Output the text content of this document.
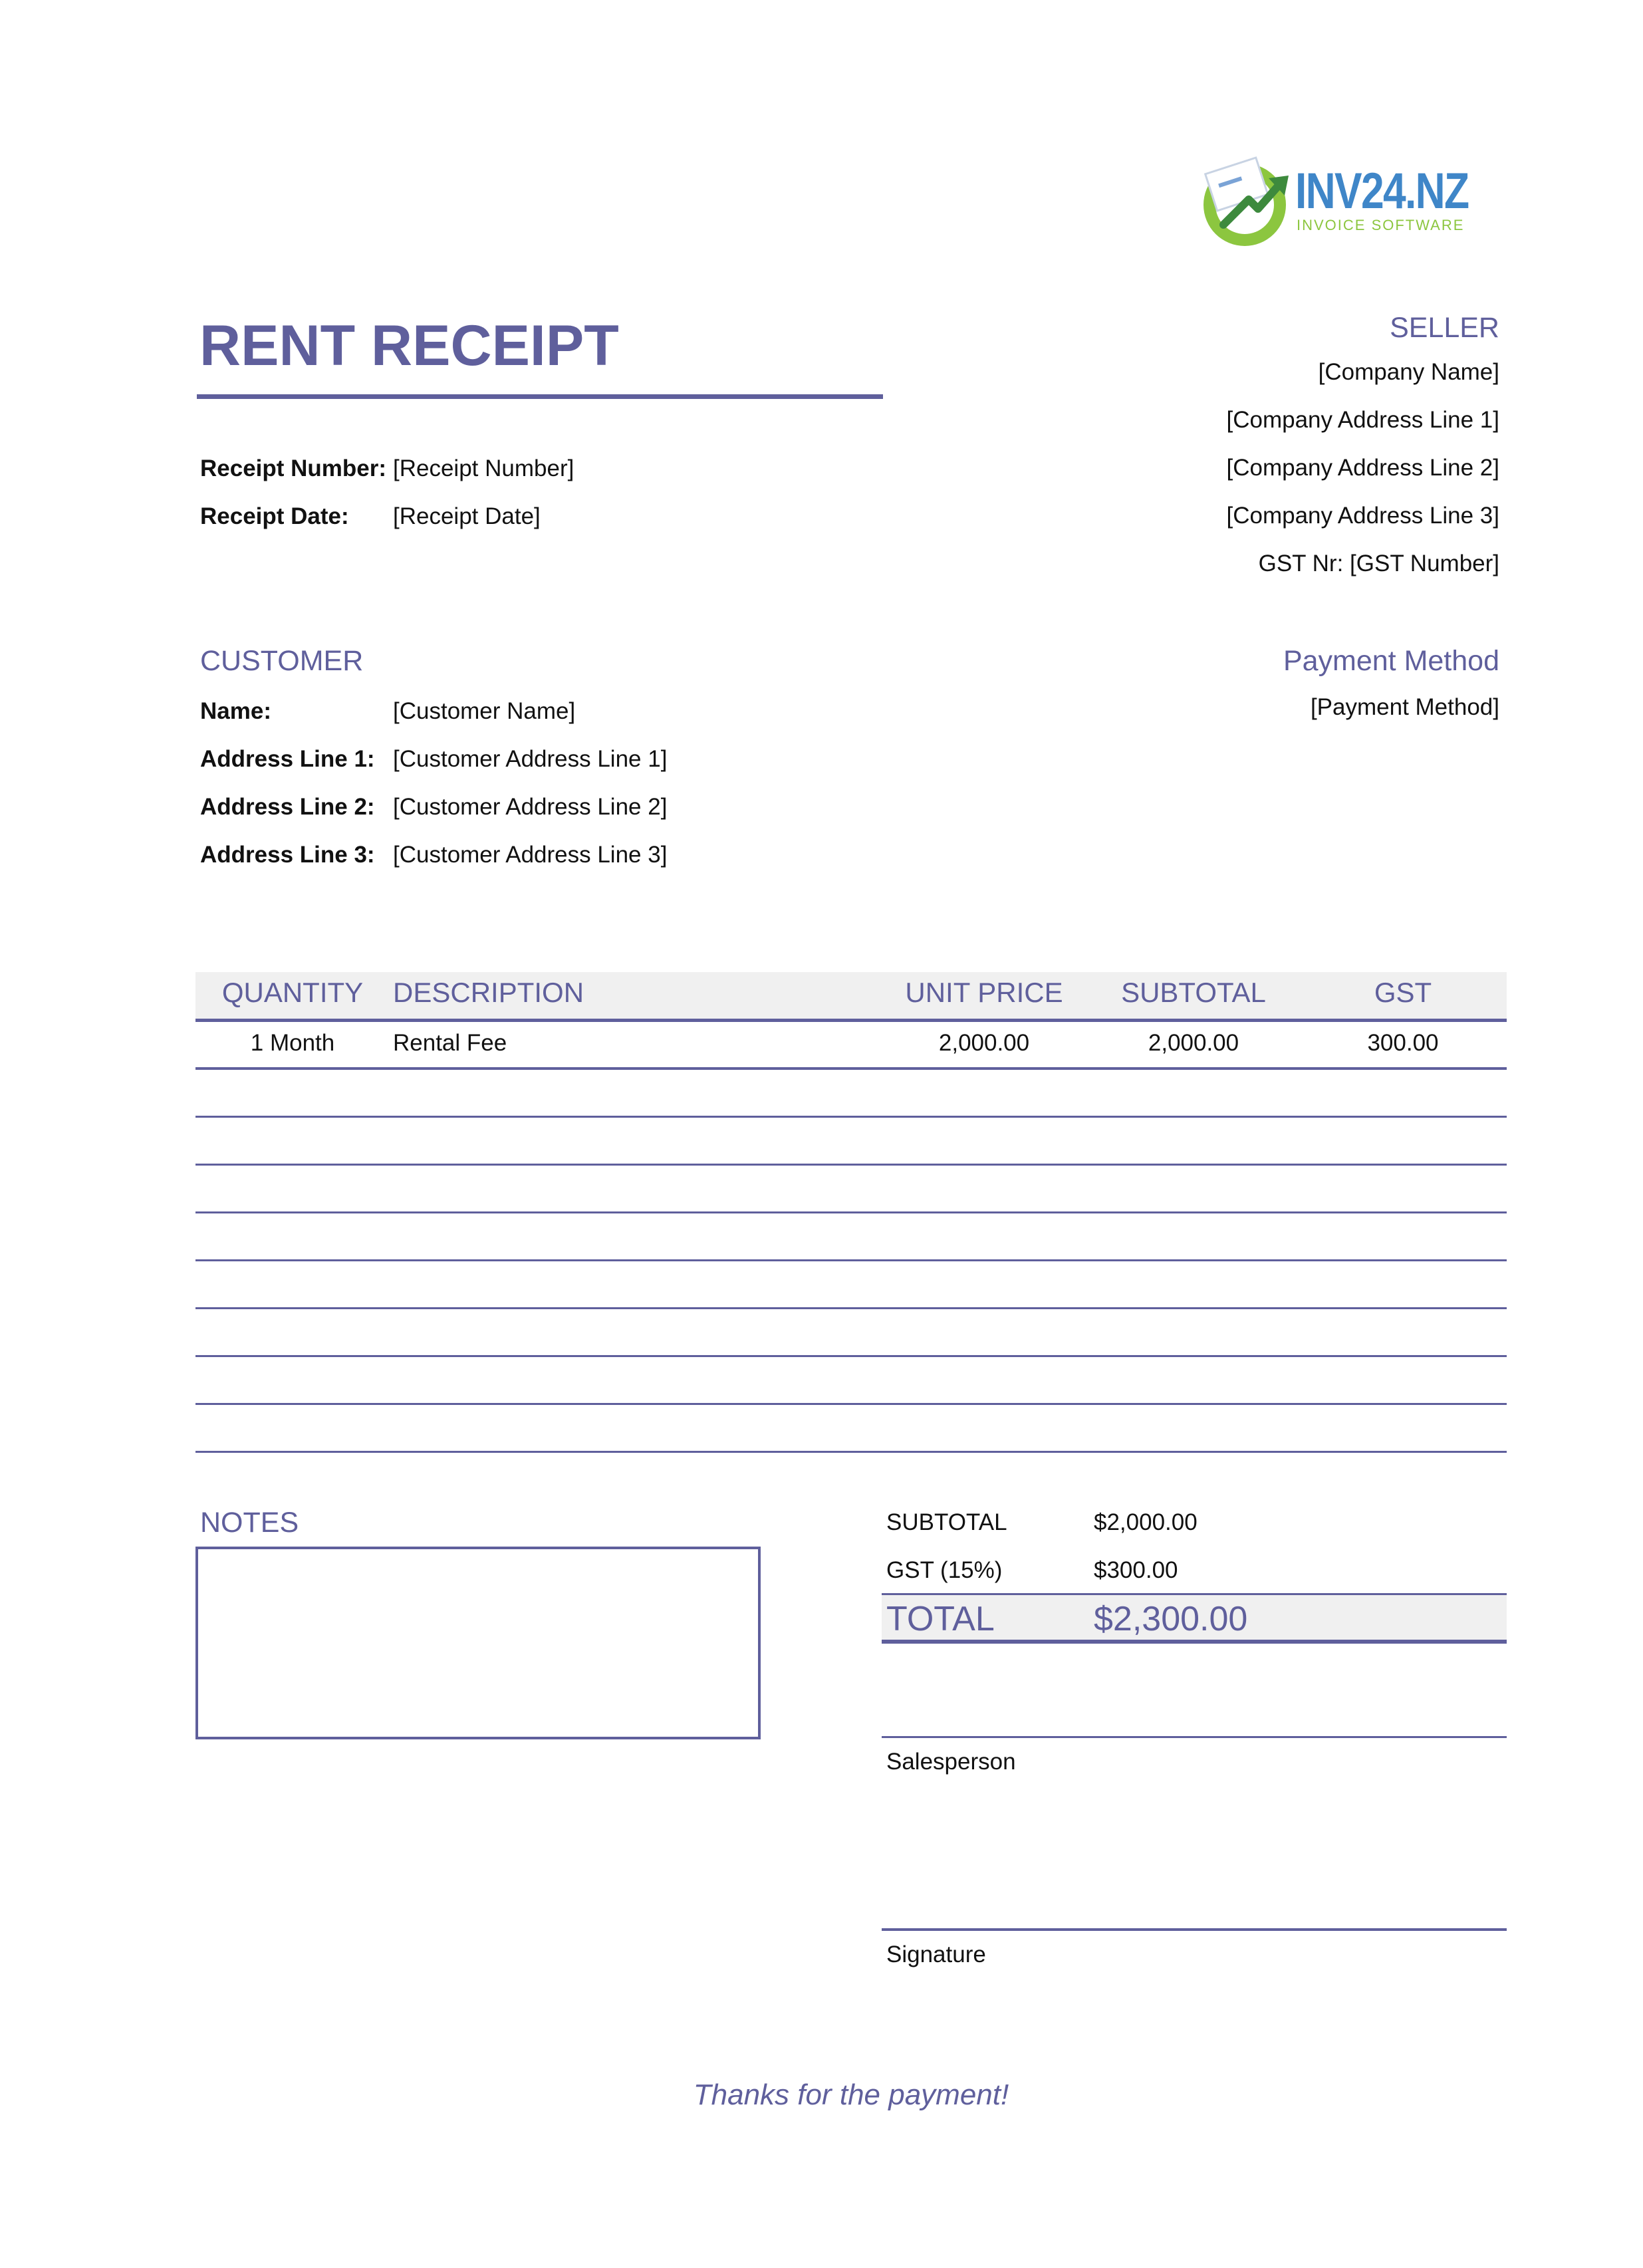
INV24.NZ
INVOICE SOFTWARE
RENT RECEIPT
Receipt Number: [Receipt Number]
Receipt Date: [Receipt Date]
SELLER
[Company Name]
[Company Address Line 1]
[Company Address Line 2]
[Company Address Line 3]
GST Nr: [GST Number]
CUSTOMER
Name:	[Customer Name]
Address Line 1: [Customer Address Line 1]
Address Line 2: [Customer Address Line 2]
Address Line 3: [Customer Address Line 3]
Payment Method
[Payment Method]
QUANTITY	DESCRIPTION	UNIT PRICE	SUBTOTAL	GST
1 Month	Rental Fee	2,000.00	2,000.00	300.00
NOTES	SUBTOTAL	$2,000.00
GST (15%)	$300.00
TOTAL	$2,300.00
Salesperson
Signature
Thanks for the payment!
